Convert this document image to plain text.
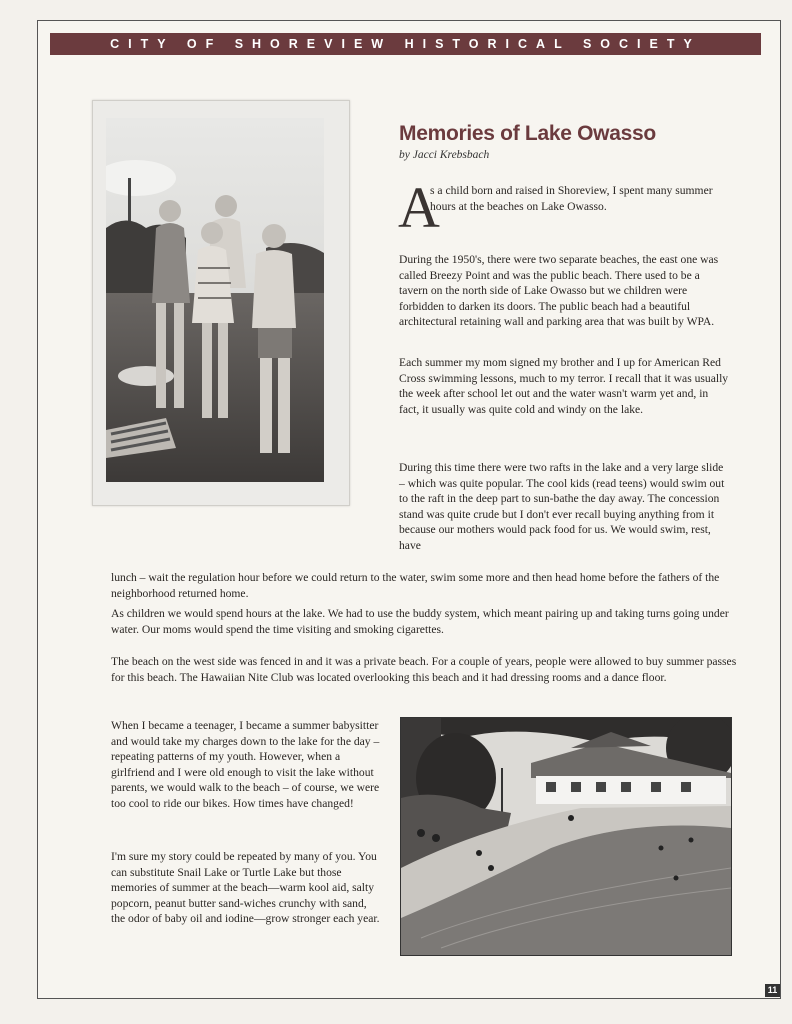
CITY OF SHOREVIEW HISTORICAL SOCIETY
Memories of Lake Owasso
by Jacci Krebsbach
A

s a child born and raised in Shoreview, I spent many summer hours at the beaches on Lake Owasso.

During the 1950's, there were two separate beaches, the east one was called Breezy Point and was the public beach. There used to be a tavern on the north side of Lake Owasso but we children were forbidden to darken its doors. The public beach had a beautiful architectural retaining wall and parking area that was built by WPA.

Each summer my mom signed my brother and I up for American Red Cross swimming lessons, much to my terror. I recall that it was usually the week after school let out and the water wasn't warm yet and, in fact, it usually was quite cold and windy on the lake.

During this time there were two rafts in the lake and a very large slide – which was quite popular. The cool kids (read teens) would swim out to the raft in the deep part to sun-bathe the day away. The concession stand was quite crude but I don't ever recall buying anything from it because our mothers would pack food for us. We would swim, rest, have

lunch – wait the regulation hour before we could return to the water, swim some more and then head home before the fathers of the neighborhood returned home.

As children we would spend hours at the lake. We had to use the buddy system, which meant pairing up and taking turns going under water. Our moms would spend the time visiting and smoking cigarettes.

The beach on the west side was fenced in and it was a private beach. For a couple of years, people were allowed to buy summer passes for this beach. The Hawaiian Nite Club was located overlooking this beach and it had dressing rooms and a dance floor.

When I became a teenager, I became a summer babysitter and would take my charges down to the lake for the day – repeating patterns of my youth. However, when a girlfriend and I were old enough to visit the lake without parents, we would walk to the beach – of course, we were too cool to ride our bikes. How times have changed!

I'm sure my story could be repeated by many of you. You can substitute Snail Lake or Turtle Lake but those memories of summer at the beach—warm kool aid, salty popcorn, peanut butter sand-wiches crunchy with sand, the odor of baby oil and iodine—grow stronger each year.

11
